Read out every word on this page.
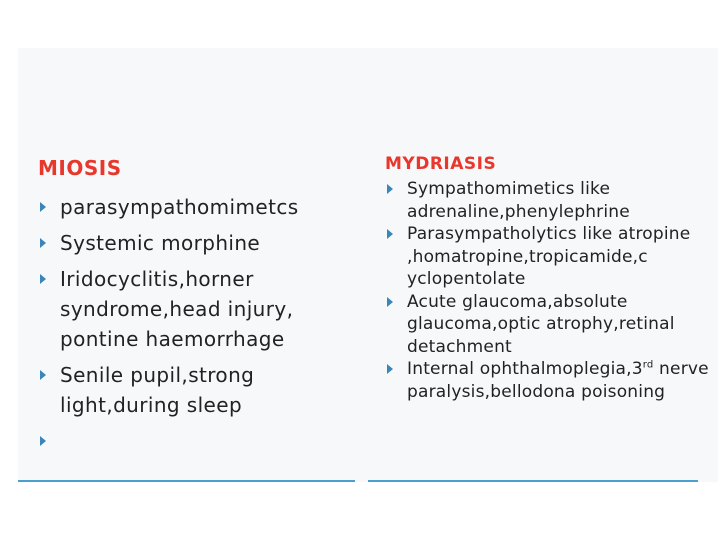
MIOSIS
parasympathomimetcs
Systemic morphine
Iridocyclitis,horner syndrome,head injury, pontine haemorrhage
Senile pupil,strong light,during sleep
MYDRIASIS
Sympathomimetics like adrenaline,phenylephrine
Parasympatholytics like atropine ,homatropine,tropicamide,c yclopentolate
Acute glaucoma,absolute glaucoma,optic atrophy,retinal detachment
Internal ophthalmoplegia,3rd nerve paralysis,bellodona poisoning
